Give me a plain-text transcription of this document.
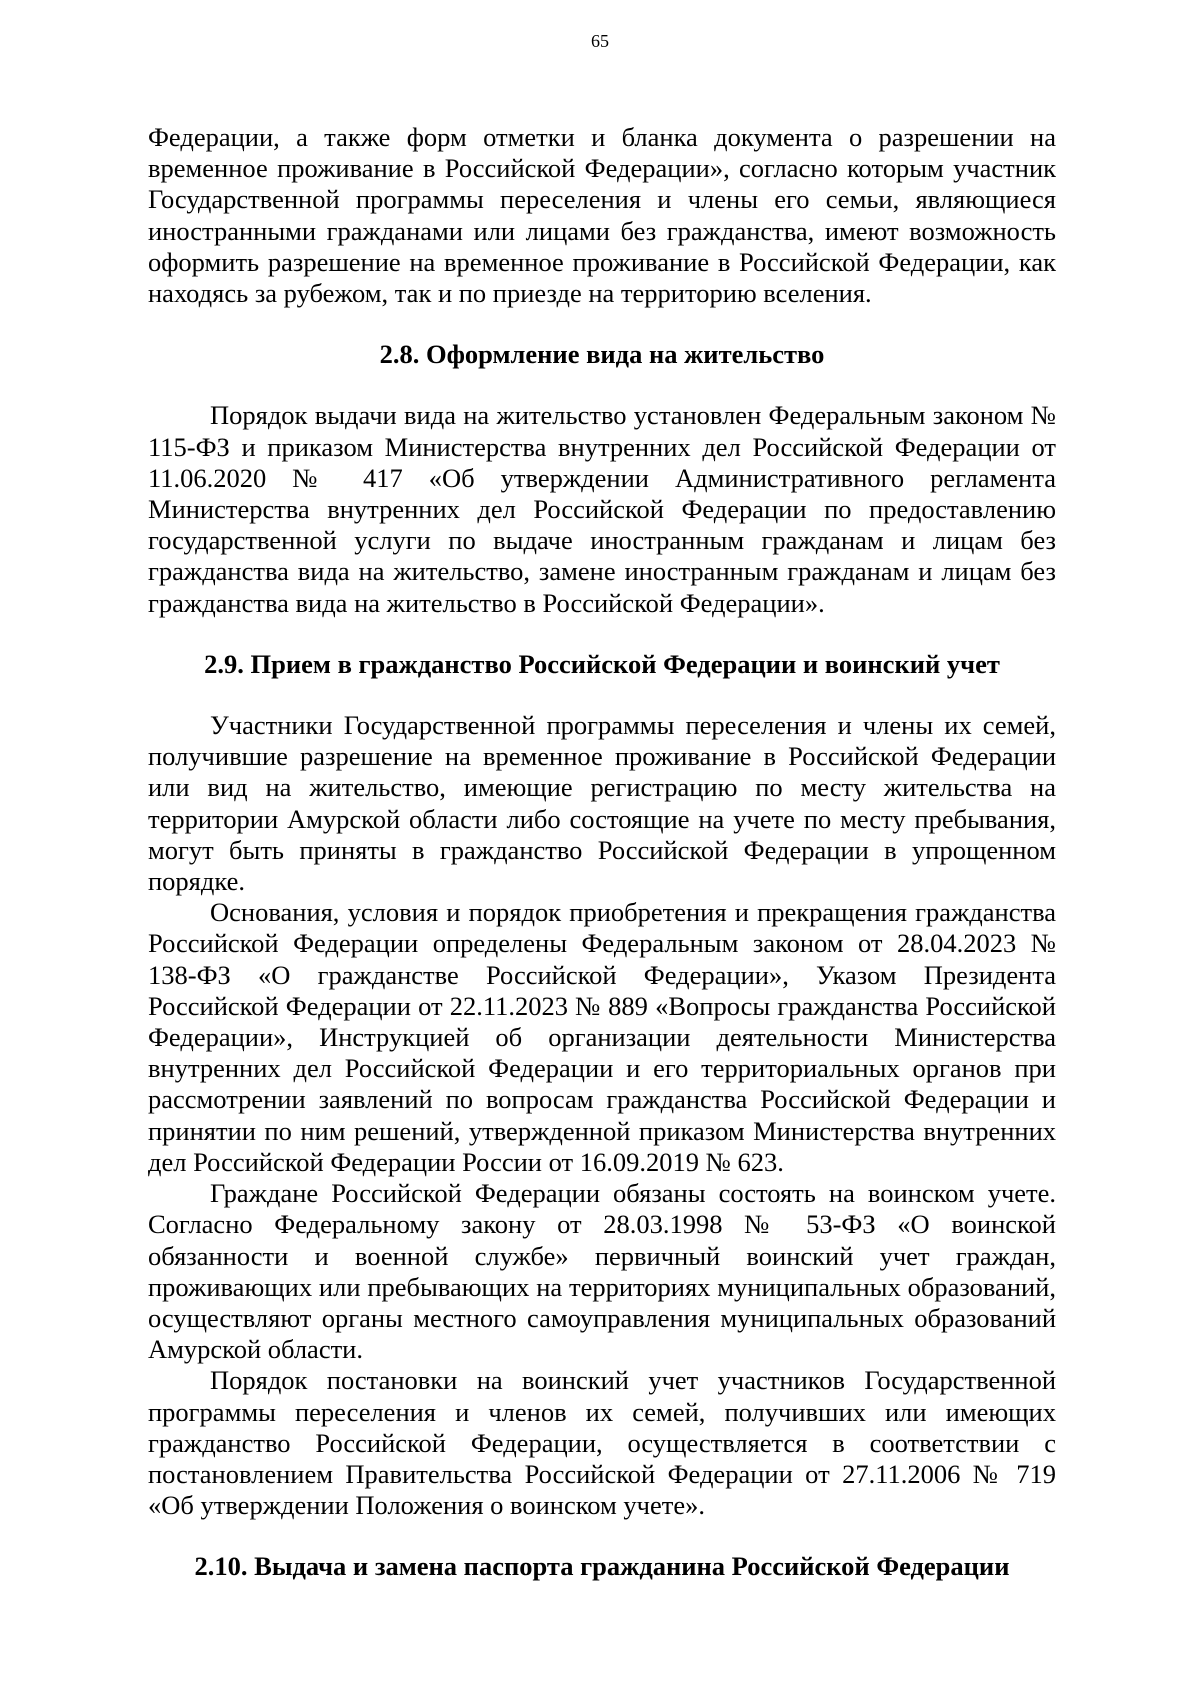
65

Федерации, а также форм отметки и бланка документа о разрешении на временное проживание в Российской Федерации», согласно которым участник Государственной программы переселения и члены его семьи, являющиеся иностранными гражданами или лицами без гражданства, имеют возможность оформить разрешение на временное проживание в Российской Федерации, как находясь за рубежом, так и по приезде на территорию вселения.

2.8. Оформление вида на жительство

Порядок выдачи вида на жительство установлен Федеральным законом № 115-ФЗ и приказом Министерства внутренних дел Российской Федерации от 11.06.2020 № 417 «Об утверждении Административного регламента Министерства внутренних дел Российской Федерации по предоставлению государственной услуги по выдаче иностранным гражданам и лицам без гражданства вида на жительство, замене иностранным гражданам и лицам без гражданства вида на жительство в Российской Федерации».

2.9. Прием в гражданство Российской Федерации и воинский учет

Участники Государственной программы переселения и члены их семей, получившие разрешение на временное проживание в Российской Федерации или вид на жительство, имеющие регистрацию по месту жительства на территории Амурской области либо состоящие на учете по месту пребывания, могут быть приняты в гражданство Российской Федерации в упрощенном порядке.

Основания, условия и порядок приобретения и прекращения гражданства Российской Федерации определены Федеральным законом от 28.04.2023 № 138-ФЗ «О гражданстве Российской Федерации», Указом Президента Российской Федерации от 22.11.2023 № 889 «Вопросы гражданства Российской Федерации», Инструкцией об организации деятельности Министерства внутренних дел Российской Федерации и его территориальных органов при рассмотрении заявлений по вопросам гражданства Российской Федерации и принятии по ним решений, утвержденной приказом Министерства внутренних дел Российской Федерации России от 16.09.2019 № 623.

Граждане Российской Федерации обязаны состоять на воинском учете. Согласно Федеральному закону от 28.03.1998 № 53-ФЗ «О воинской обязанности и военной службе» первичный воинский учет граждан, проживающих или пребывающих на территориях муниципальных образований, осуществляют органы местного самоуправления муниципальных образований Амурской области.

Порядок постановки на воинский учет участников Государственной программы переселения и членов их семей, получивших или имеющих гражданство Российской Федерации, осуществляется в соответствии с постановлением Правительства Российской Федерации от 27.11.2006 № 719 «Об утверждении Положения о воинском учете».

2.10. Выдача и замена паспорта гражданина Российской Федерации
